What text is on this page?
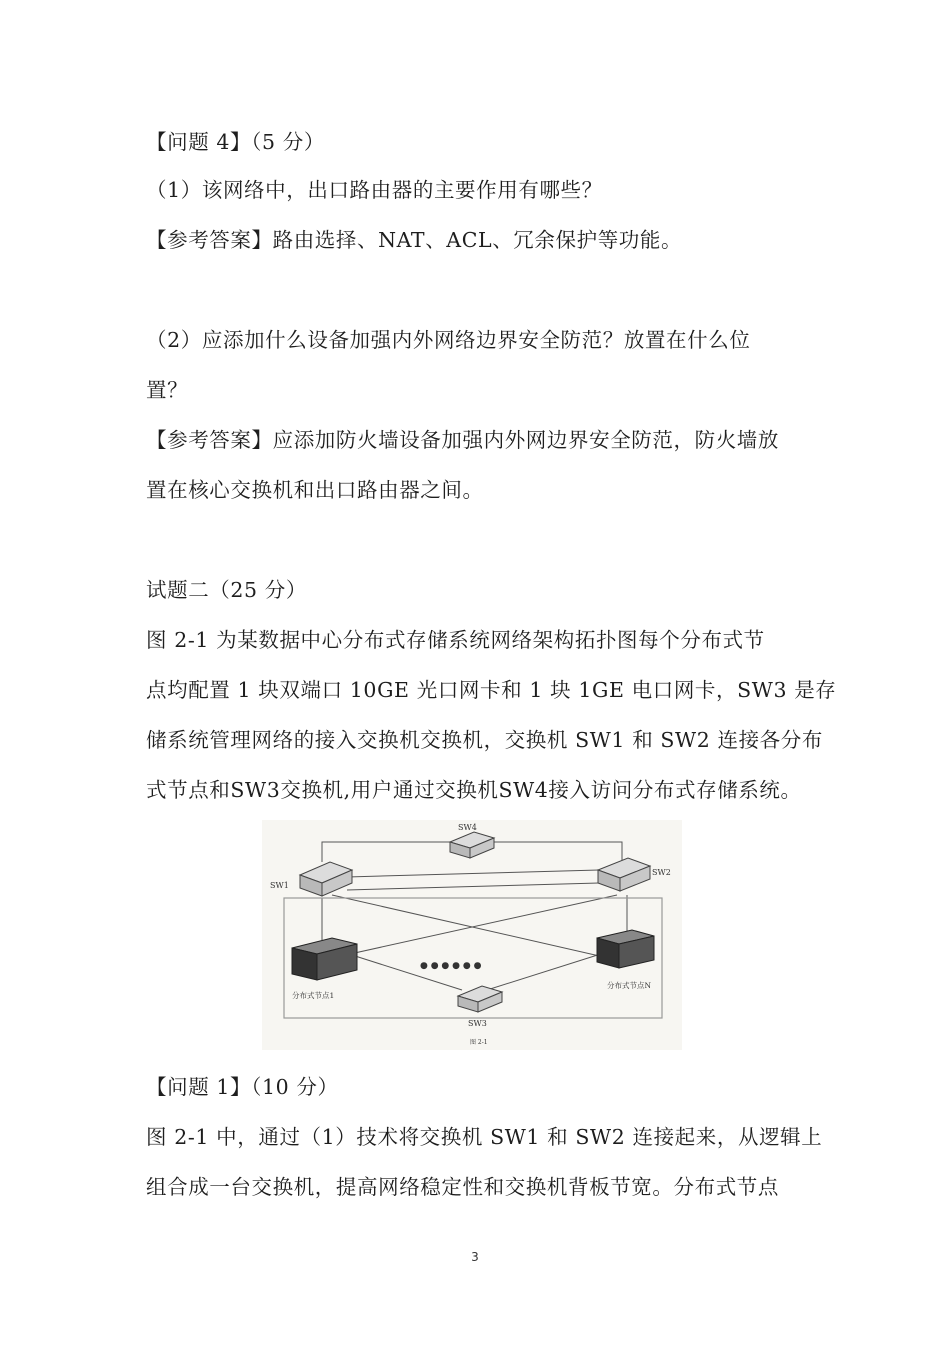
【问题 4】（5 分）

（1）该网络中，出口路由器的主要作用有哪些？

【参考答案】路由选择、NAT、ACL、冗余保护等功能。

（2）应添加什么设备加强内外网络边界安全防范？放置在什么位

置？

【参考答案】应添加防火墙设备加强内外网边界安全防范，防火墙放

置在核心交换机和出口路由器之间。

试题二（25 分）

图 2-1 为某数据中心分布式存储系统网络架构拓扑图每个分布式节

点均配置 1 块双端口 10GE 光口网卡和 1 块 1GE 电口网卡，SW3 是存

储系统管理网络的接入交换机交换机，交换机 SW1 和 SW2 连接各分布

式节点和SW3交换机,用户通过交换机SW4接入访问分布式存储系统。

SW4
SW1
SW2
分布式节点1
分布式节点N
● ● ● ● ● ●
SW3
图 2-1

【问题 1】（10 分）

图 2-1 中，通过（1）技术将交换机 SW1 和 SW2 连接起来，从逻辑上

组合成一台交换机，提高网络稳定性和交换机背板节宽。分布式节点

3
